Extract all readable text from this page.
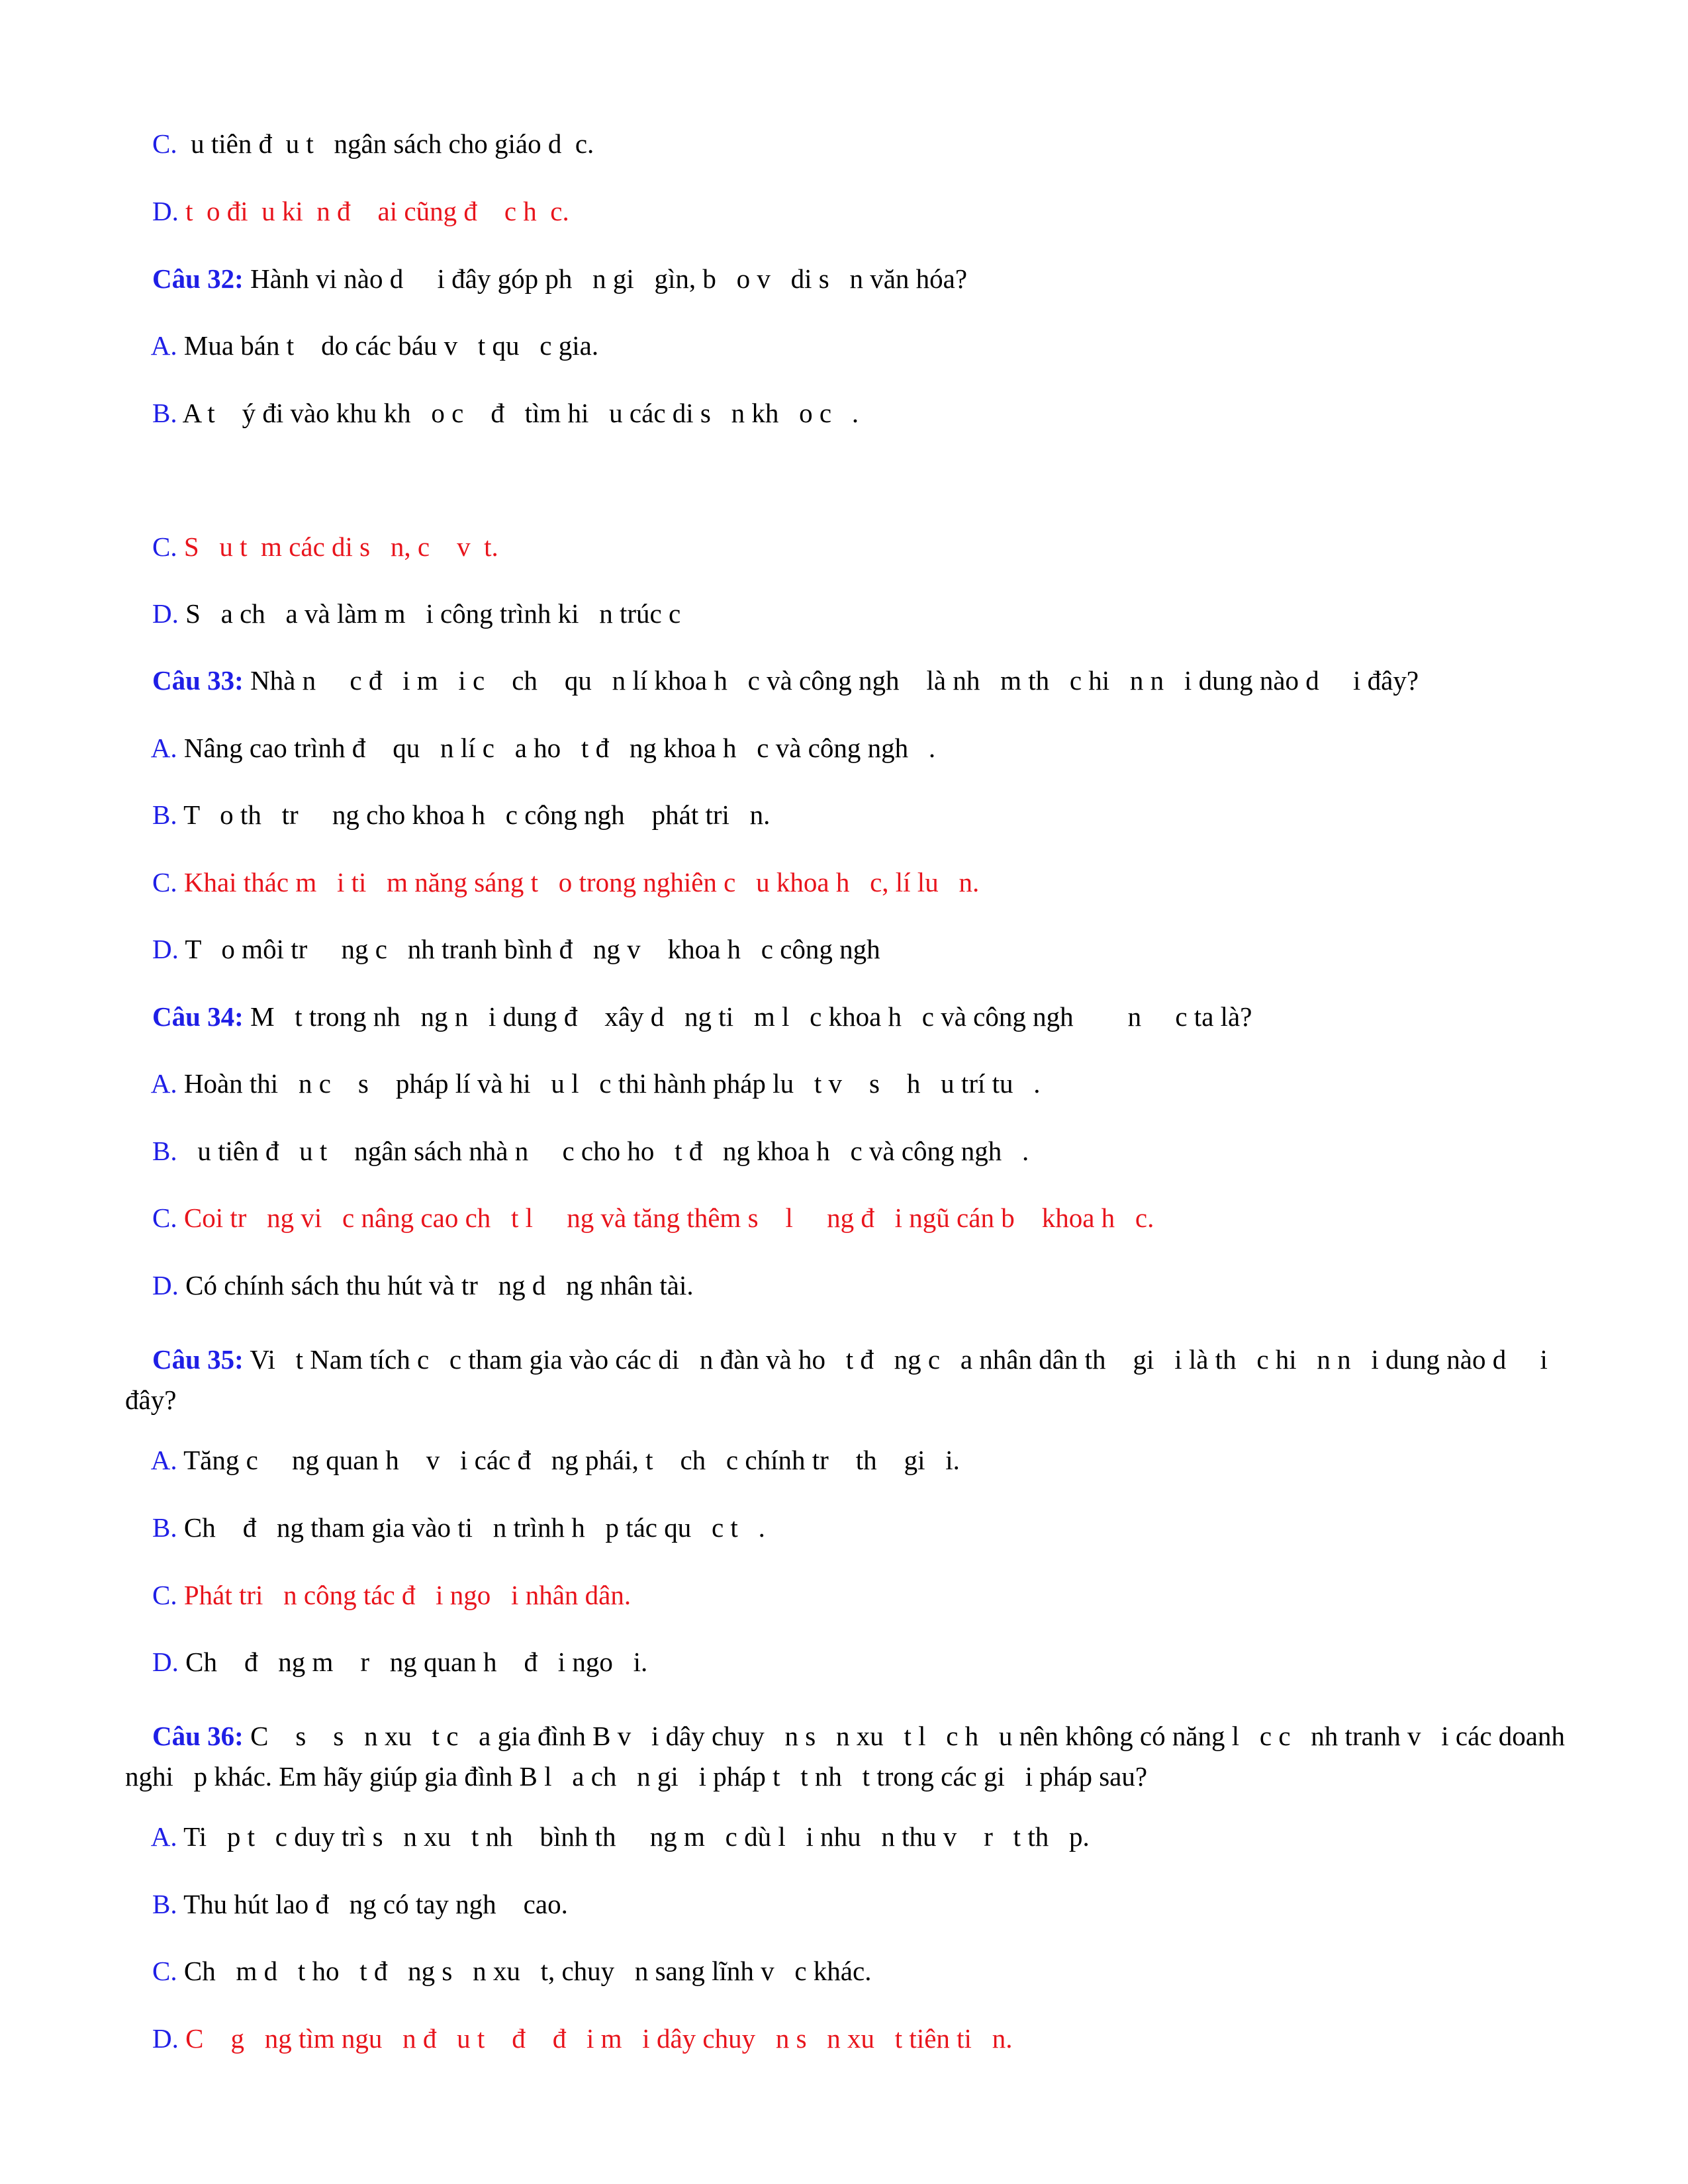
C.  u tiên đ  u t   ngân sách cho giáo d  c.

D. t  o đi  u ki  n đ    ai cũng đ    c h  c.

Câu 32: Hành vi nào d     i đây góp ph   n gi   gìn, b   o v   di s   n văn hóa?

A. Mua bán t    do các báu v   t qu   c gia.

B. A t    ý đi vào khu kh   o c    đ   tìm hi   u các di s   n kh   o c   .

C. S   u t  m các di s   n, c    v  t.

D. S   a ch   a và làm m   i công trình ki   n trúc c

Câu 33: Nhà n     c đ   i m   i c    ch    qu   n lí khoa h   c và công ngh    là nh   m th   c hi   n n   i dung nào d     i đây?

A. Nâng cao trình đ    qu   n lí c   a ho   t đ   ng khoa h   c và công ngh   .

B. T   o th   tr     ng cho khoa h   c công ngh    phát tri   n.

C. Khai thác m   i ti   m năng sáng t   o trong nghiên c   u khoa h   c, lí lu   n.

D. T   o môi tr     ng c   nh tranh bình đ   ng v    khoa h   c công ngh

Câu 34: M   t trong nh   ng n   i dung đ    xây d   ng ti   m l   c khoa h   c và công ngh        n     c ta là?

A. Hoàn thi   n c    s    pháp lí và hi   u l   c thi hành pháp lu   t v    s    h   u trí tu   .

B.   u tiên đ   u t    ngân sách nhà n     c cho ho   t đ   ng khoa h   c và công ngh   .

C. Coi tr   ng vi   c nâng cao ch   t l     ng và tăng thêm s    l     ng đ   i ngũ cán b    khoa h   c.

D. Có chính sách thu hút và tr   ng d   ng nhân tài.

Câu 35: Vi   t Nam tích c   c tham gia vào các di   n đàn và ho   t đ   ng c   a nhân dân th    gi   i là th   c hi   n n   i dung nào d     i đây?

A. Tăng c     ng quan h    v   i các đ   ng phái, t    ch   c chính tr    th    gi   i.

B. Ch    đ   ng tham gia vào ti   n trình h   p tác qu   c t   .

C. Phát tri   n công tác đ   i ngo   i nhân dân.

D. Ch    đ   ng m    r   ng quan h    đ   i ngo   i.

Câu 36: C    s    s   n xu   t c   a gia đình B v   i dây chuy   n s   n xu   t l   c h   u nên không có năng l   c c   nh tranh v   i các doanh nghi   p khác. Em hãy giúp gia đình B l   a ch   n gi   i pháp t   t nh   t trong các gi   i pháp sau?

A. Ti   p t   c duy trì s   n xu   t nh    bình th     ng m   c dù l   i nhu   n thu v    r   t th   p.

B. Thu hút lao đ   ng có tay ngh    cao.

C. Ch   m d   t ho   t đ   ng s   n xu   t, chuy   n sang lĩnh v   c khác.

D. C    g   ng tìm ngu   n đ   u t    đ    đ   i m   i dây chuy   n s   n xu   t tiên ti   n.
